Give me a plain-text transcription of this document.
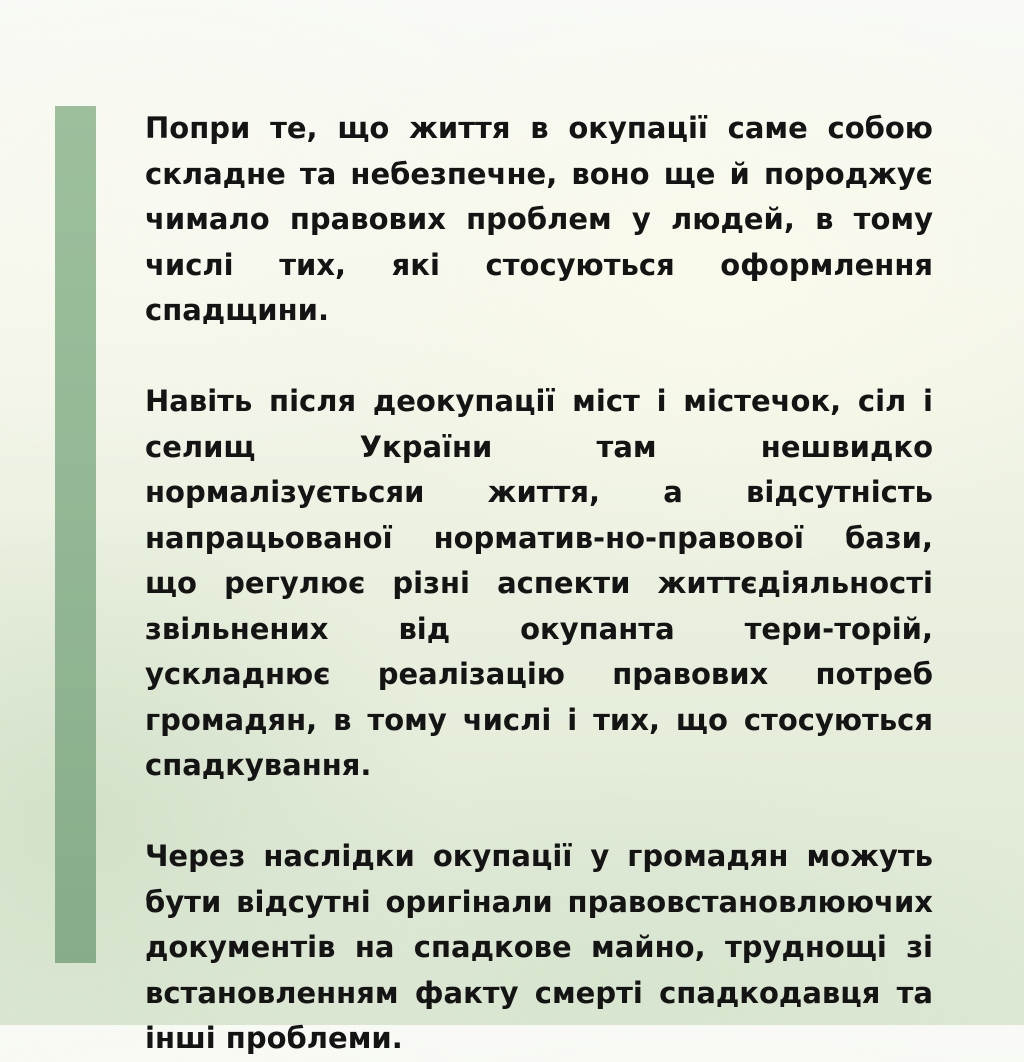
Попри те, що життя в окупації саме собою складне та небезпечне, воно ще й породжує чимало правових проблем у людей, в тому числі тих, які стосуються оформлення спадщини.

Навіть після деокупації міст і містечок, сіл і селищ України там нешвидко нормалізуєтьсяи життя, а відсутність напрацьованої норматив-но-правової бази, що регулює різні аспекти життєдіяльності звільнених від окупанта тери-торій, ускладнює реалізацію правових потреб громадян, в тому числі і тих, що стосуються спадкування.

Через наслідки окупації у громадян можуть бути відсутні оригінали правовстановлюючих документів на спадкове майно, труднощі зі встановленням факту смерті спадкодавця та інші проблеми.
